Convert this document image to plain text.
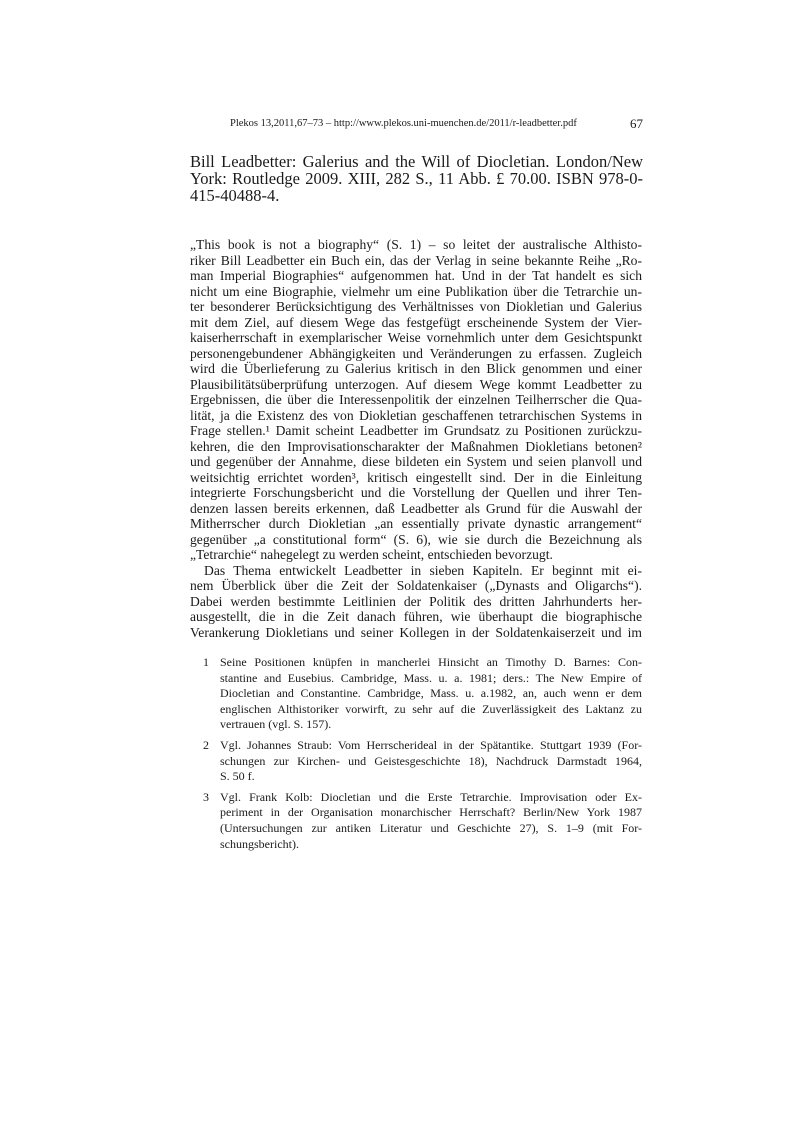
Plekos 13,2011,67–73 – http://www.plekos.uni-muenchen.de/2011/r-leadbetter.pdf	67
Bill Leadbetter: Galerius and the Will of Diocletian. London/New
York: Routledge 2009. XIII, 282 S., 11 Abb. £ 70.00. ISBN 978-0-
415-40488-4.
„This book is not a biography“ (S. 1) – so leitet der australische Althisto-
riker Bill Leadbetter ein Buch ein, das der Verlag in seine bekannte Reihe „Ro-
man Imperial Biographies“ aufgenommen hat. Und in der Tat handelt es sich
nicht um eine Biographie, vielmehr um eine Publikation über die Tetrarchie un-
ter besonderer Berücksichtigung des Verhältnisses von Diokletian und Galerius
mit dem Ziel, auf diesem Wege das festgefügt erscheinende System der Vier-
kaiserherrschaft in exemplarischer Weise vornehmlich unter dem Gesichtspunkt
personengebundener Abhängigkeiten und Veränderungen zu erfassen. Zugleich
wird die Überlieferung zu Galerius kritisch in den Blick genommen und einer
Plausibilitätsüberprüfung unterzogen. Auf diesem Wege kommt Leadbetter zu
Ergebnissen, die über die Interessenpolitik der einzelnen Teilherrscher die Qua-
lität, ja die Existenz des von Diokletian geschaffenen tetrarchischen Systems in
Frage stellen.¹ Damit scheint Leadbetter im Grundsatz zu Positionen zurückzu-
kehren, die den Improvisationscharakter der Maßnahmen Diokletians betonen²
und gegenüber der Annahme, diese bildeten ein System und seien planvoll und
weitsichtig errichtet worden³, kritisch eingestellt sind. Der in die Einleitung
integrierte Forschungsbericht und die Vorstellung der Quellen und ihrer Ten-
denzen lassen bereits erkennen, daß Leadbetter als Grund für die Auswahl der
Mitherrscher durch Diokletian „an essentially private dynastic arrangement“
gegenüber „a constitutional form“ (S. 6), wie sie durch die Bezeichnung als
„Tetrarchie“ nahegelegt zu werden scheint, entschieden bevorzugt.
Das Thema entwickelt Leadbetter in sieben Kapiteln. Er beginnt mit ei-
nem Überblick über die Zeit der Soldatenkaiser („Dynasts and Oligarchs“).
Dabei werden bestimmte Leitlinien der Politik des dritten Jahrhunderts her-
ausgestellt, die in die Zeit danach führen, wie überhaupt die biographische
Verankerung Diokletians und seiner Kollegen in der Soldatenkaiserzeit und im
1 Seine Positionen knüpfen in mancherlei Hinsicht an Timothy D. Barnes: Con-
stantine and Eusebius. Cambridge, Mass. u. a. 1981; ders.: The New Empire of
Diocletian and Constantine. Cambridge, Mass. u. a.1982, an, auch wenn er dem
englischen Althistoriker vorwirft, zu sehr auf die Zuverlässigkeit des Laktanz zu
vertrauen (vgl. S. 157).
2 Vgl. Johannes Straub: Vom Herrscherideal in der Spätantike. Stuttgart 1939 (For-
schungen zur Kirchen- und Geistesgeschichte 18), Nachdruck Darmstadt 1964,
S. 50 f.
3 Vgl. Frank Kolb: Diocletian und die Erste Tetrarchie. Improvisation oder Ex-
periment in der Organisation monarchischer Herrschaft? Berlin/New York 1987
(Untersuchungen zur antiken Literatur und Geschichte 27), S. 1–9 (mit For-
schungsbericht).
